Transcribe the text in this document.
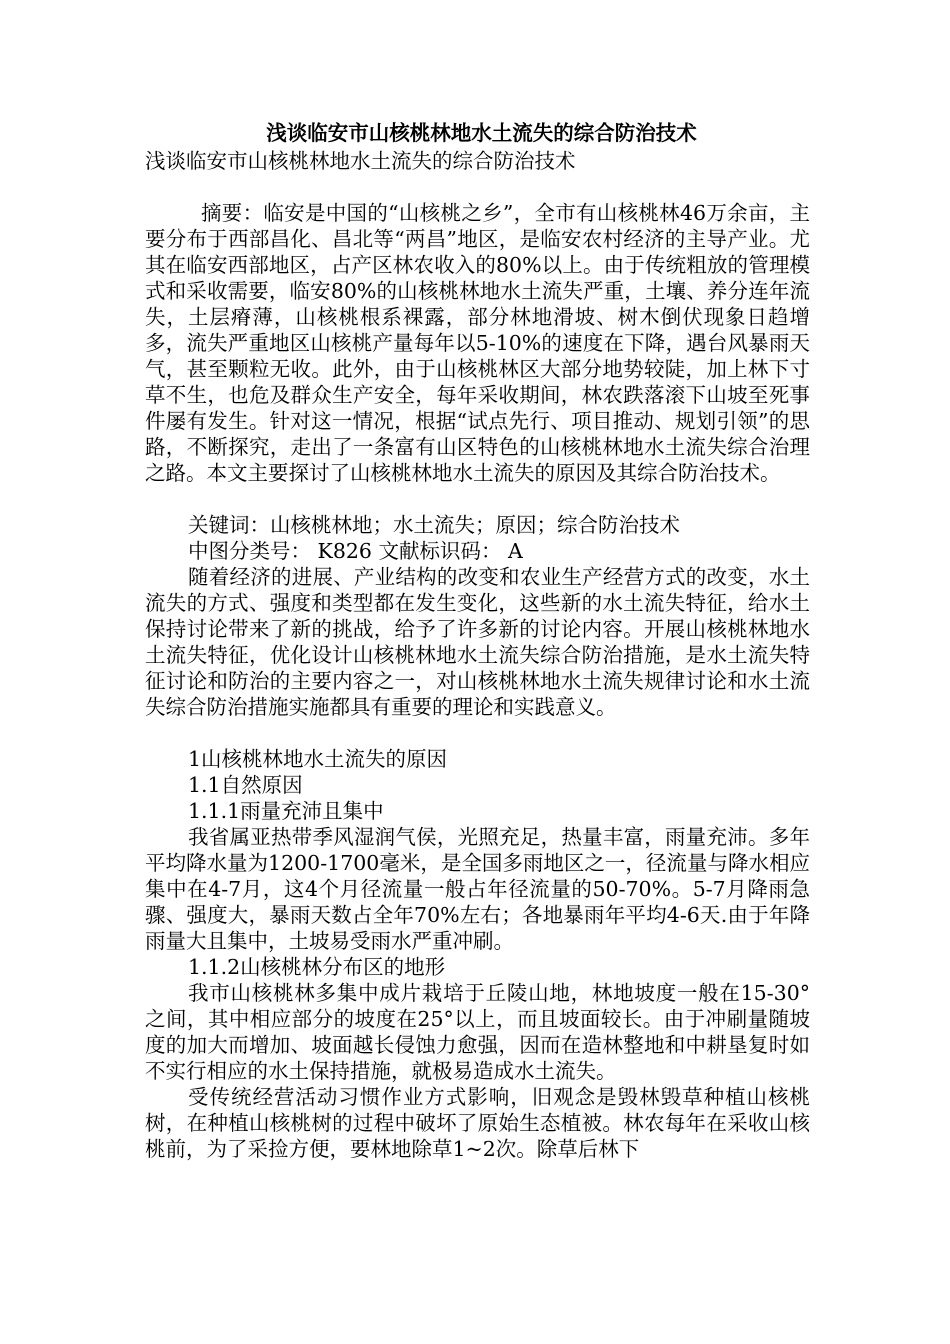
浅谈临安市山核桃林地水土流失的综合防治技术

浅谈临安市山核桃林地水土流失的综合防治技术

摘要：临安是中国的“山核桃之乡”，全市有山核桃林46万余亩，主要分布于西部昌化、昌北等“两昌”地区，是临安农村经济的主导产业。尤其在临安西部地区，占产区林农收入的80%以上。由于传统粗放的管理模式和采收需要，临安80%的山核桃林地水土流失严重，土壤、养分连年流失，土层瘠薄，山核桃根系裸露，部分林地滑坡、树木倒伏现象日趋增多，流失严重地区山核桃产量每年以5-10%的速度在下降，遇台风暴雨天气，甚至颗粒无收。此外，由于山核桃林区大部分地势较陡，加上林下寸草不生，也危及群众生产安全，每年采收期间，林农跌落滚下山坡至死事件屡有发生。针对这一情况，根据“试点先行、项目推动、规划引领”的思路，不断探究，走出了一条富有山区特色的山核桃林地水土流失综合治理之路。本文主要探讨了山核桃林地水土流失的原因及其综合防治技术。

关键词：山核桃林地；水土流失；原因；综合防治技术

中图分类号： K826 文献标识码： A

随着经济的进展、产业结构的改变和农业生产经营方式的改变，水土流失的方式、强度和类型都在发生变化，这些新的水土流失特征，给水土保持讨论带来了新的挑战，给予了许多新的讨论内容。开展山核桃林地水土流失特征，优化设计山核桃林地水土流失综合防治措施，是水土流失特征讨论和防治的主要内容之一，对山核桃林地水土流失规律讨论和水土流失综合防治措施实施都具有重要的理论和实践意义。

1山核桃林地水土流失的原因

1.1自然原因

1.1.1雨量充沛且集中

我省属亚热带季风湿润气侯，光照充足，热量丰富，雨量充沛。多年平均降水量为1200-1700毫米，是全国多雨地区之一，径流量与降水相应集中在4-7月，这4个月径流量一般占年径流量的50-70%。5-7月降雨急骤、强度大，暴雨天数占全年70%左右；各地暴雨年平均4-6天.由于年降雨量大且集中，土坡易受雨水严重冲刷。

1.1.2山核桃林分布区的地形

我市山核桃林多集中成片栽培于丘陵山地，林地坡度一般在15-30°之间，其中相应部分的坡度在25°以上，而且坡面较长。由于冲刷量随坡度的加大而增加、坡面越长侵蚀力愈强，因而在造林整地和中耕垦复时如不实行相应的水土保持措施，就极易造成水土流失。

受传统经营活动习惯作业方式影响，旧观念是毁林毁草种植山核桃树，在种植山核桃树的过程中破坏了原始生态植被。林农每年在采收山核桃前，为了采捡方便，要林地除草1~2次。除草后林下
